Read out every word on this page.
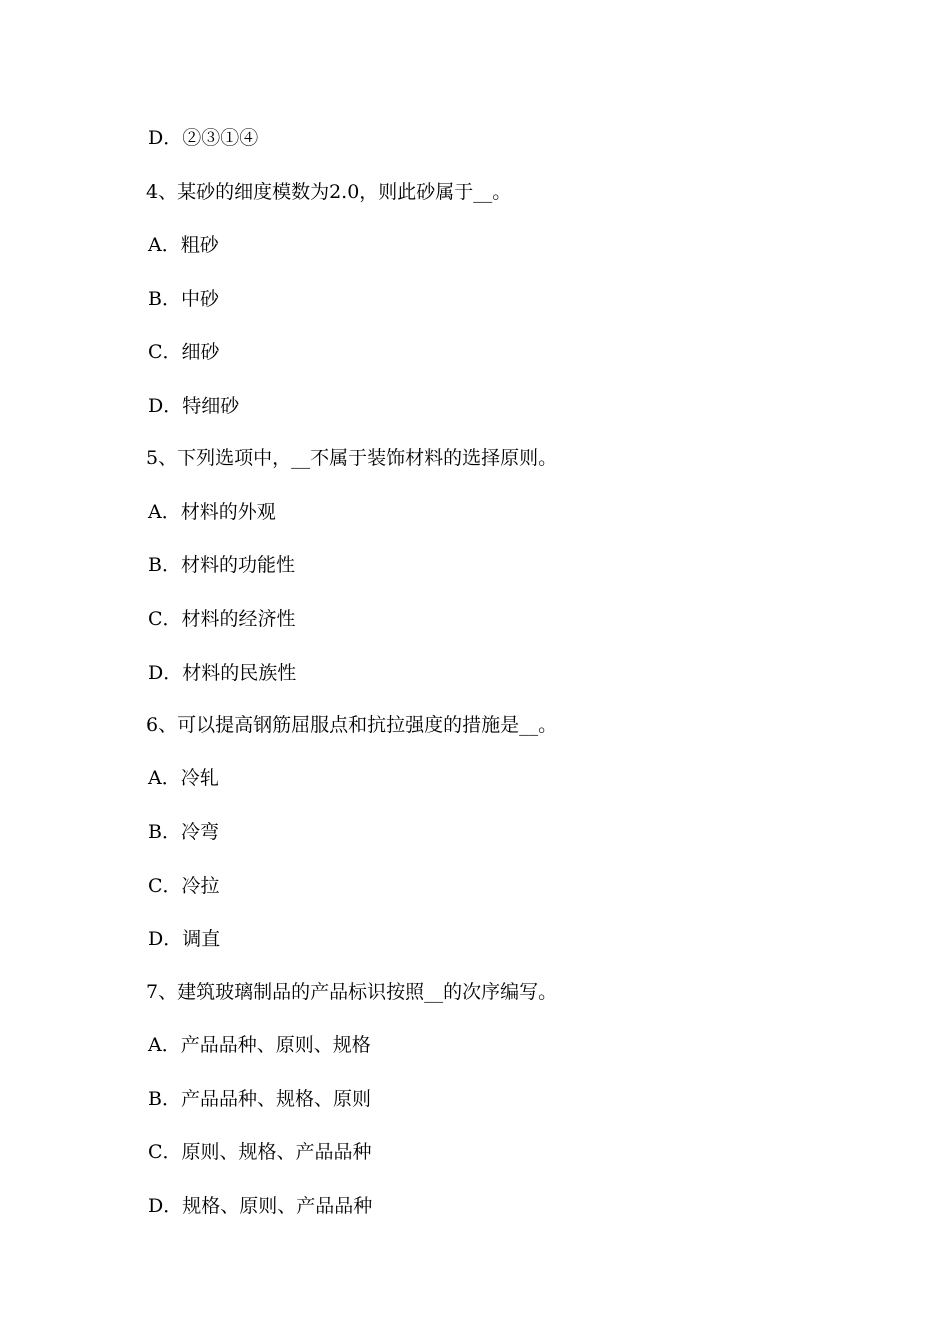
D．②③①④
4、某砂的细度模数为2.0，则此砂属于__。
A．粗砂
B．中砂
C．细砂
D．特细砂
5、下列选项中，__不属于装饰材料的选择原则。
A．材料的外观
B．材料的功能性
C．材料的经济性
D．材料的民族性
6、可以提高钢筋屈服点和抗拉强度的措施是__。
A．冷轧
B．冷弯
C．冷拉
D．调直
7、建筑玻璃制品的产品标识按照__的次序编写。
A．产品品种、原则、规格
B．产品品种、规格、原则
C．原则、规格、产品品种
D．规格、原则、产品品种
